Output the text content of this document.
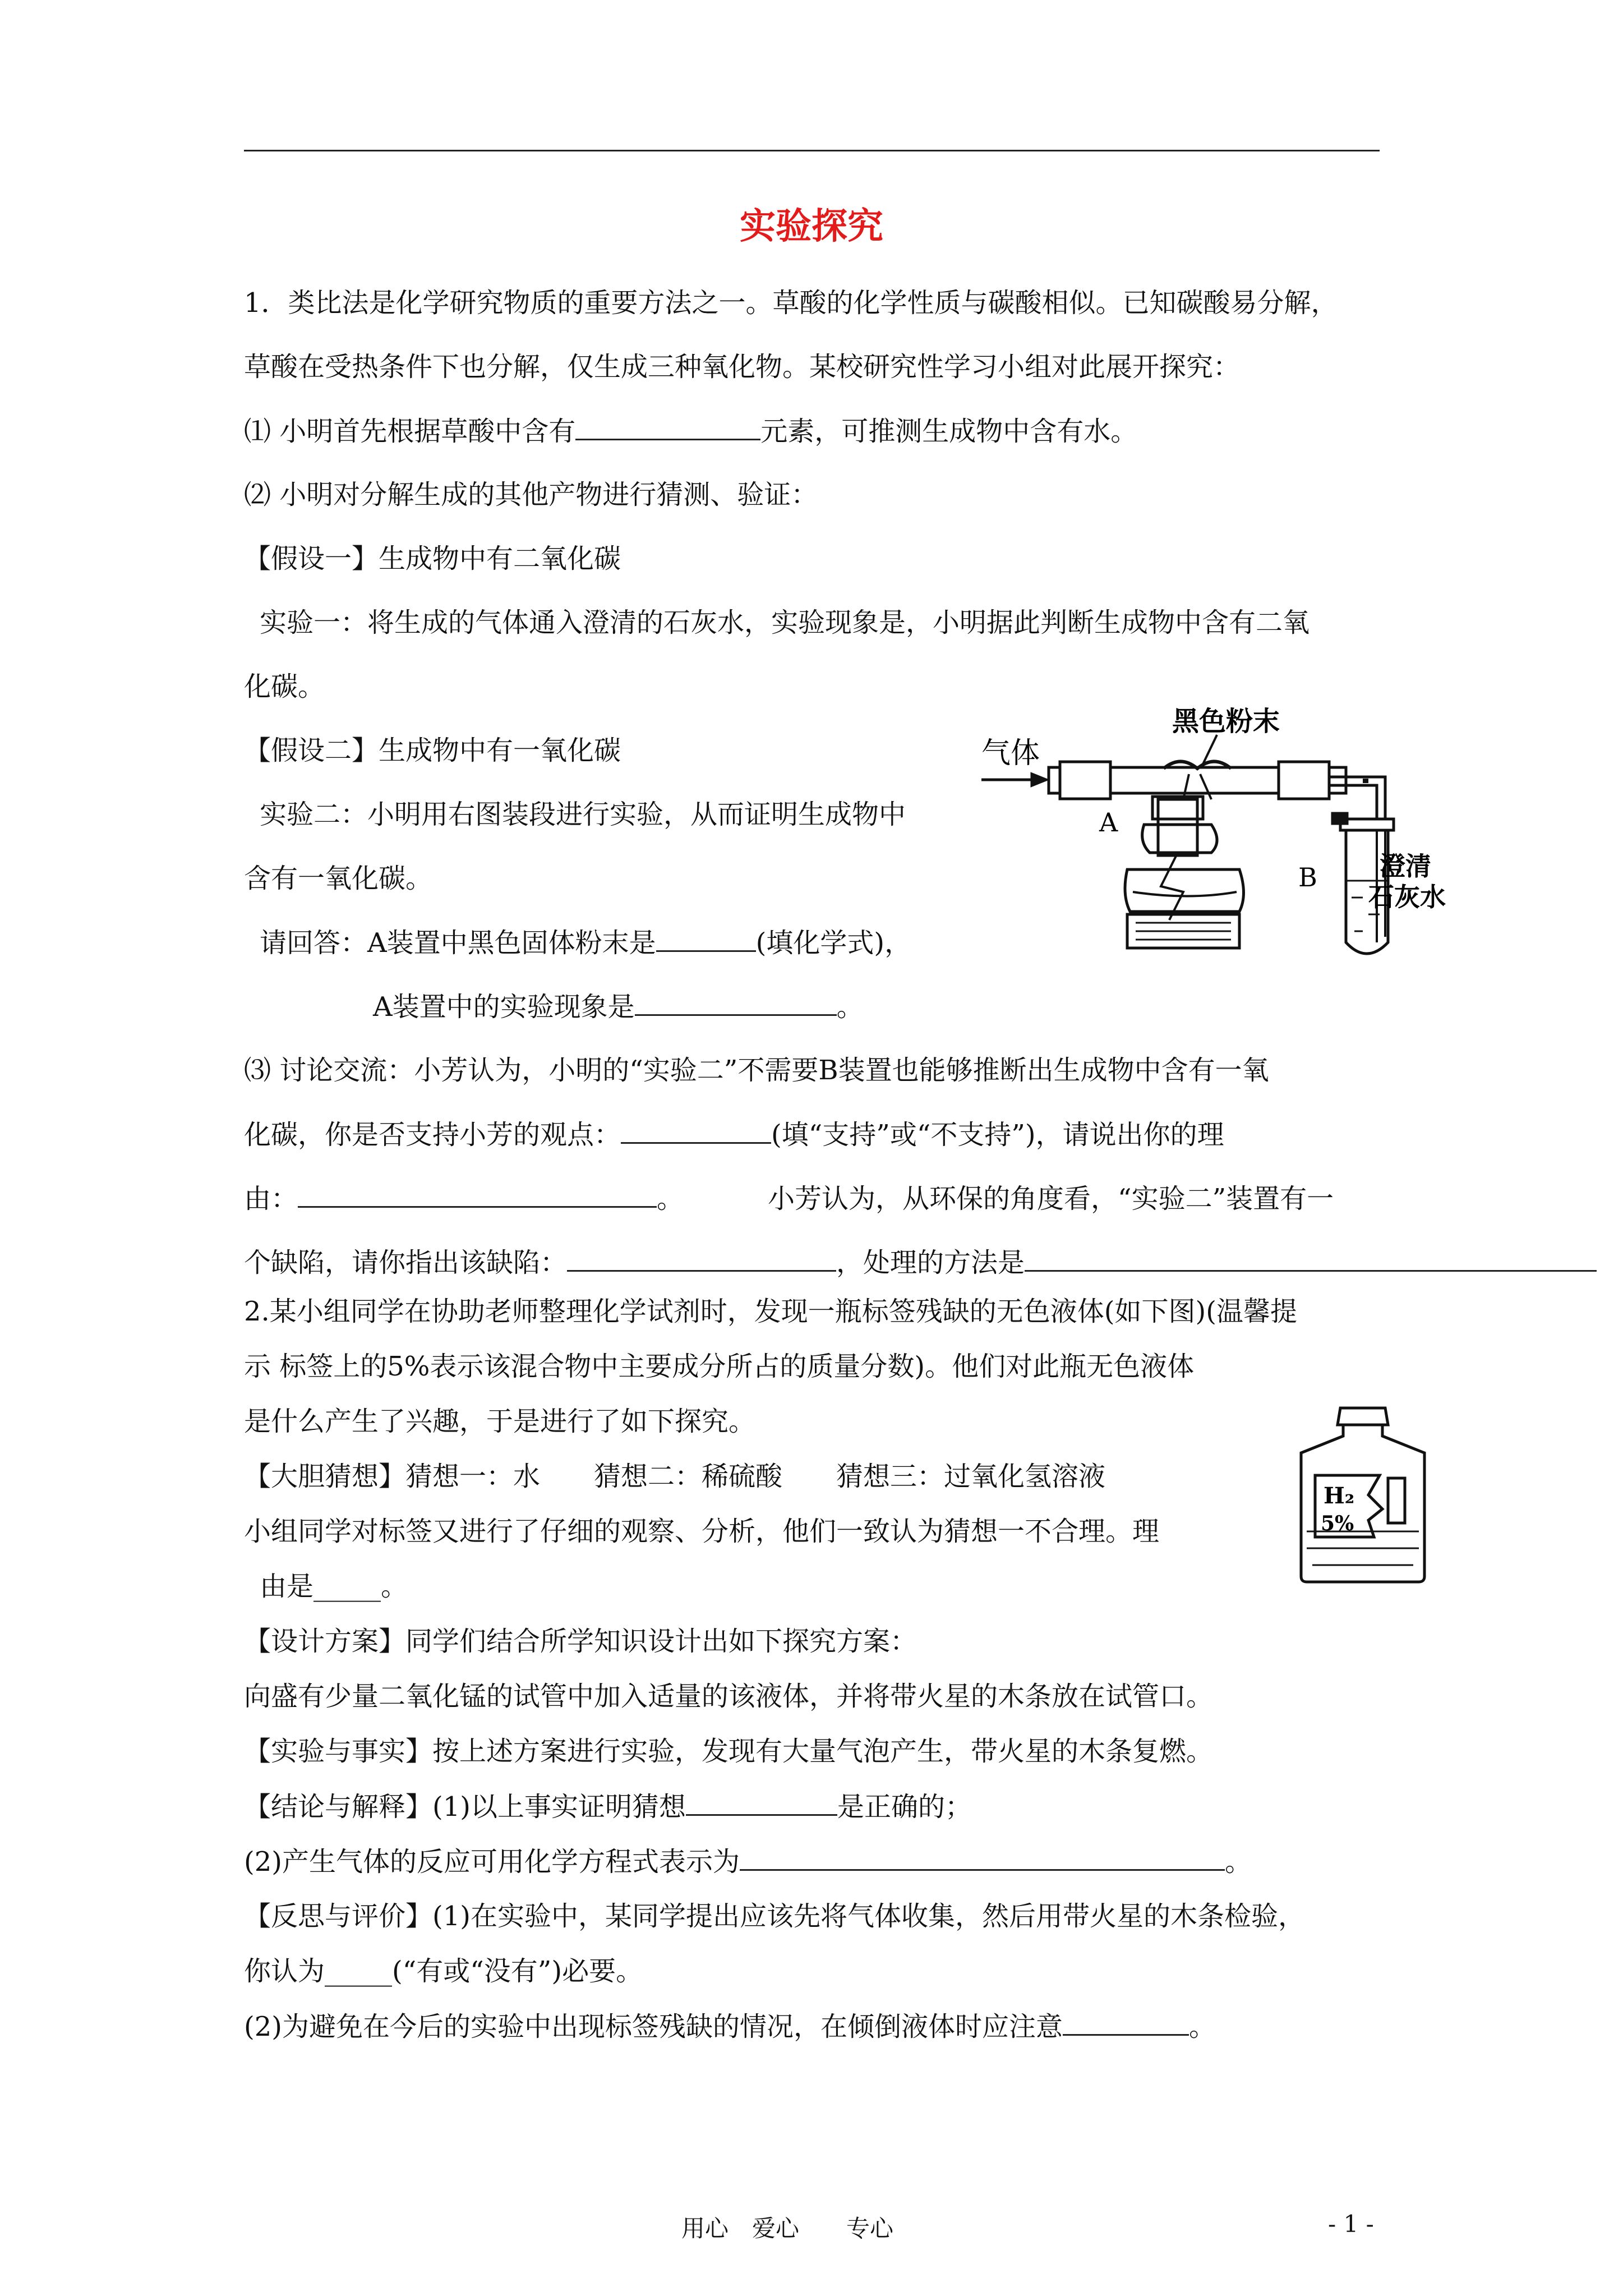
实验探究
1．类比法是化学研究物质的重要方法之一。草酸的化学性质与碳酸相似。已知碳酸易分解，
草酸在受热条件下也分解，仅生成三种氧化物。某校研究性学习小组对此展开探究：
⑴ 小明首先根据草酸中含有	元素，可推测生成物中含有水。
⑵ 小明对分解生成的其他产物进行猜测、验证：
【假设一】生成物中有二氧化碳
实验一：将生成的气体通入澄清的石灰水，实验现象是，小明据此判断生成物中含有二氧
化碳。
【假设二】生成物中有一氧化碳
实验二：小明用右图装段进行实验，从而证明生成物中
含有一氧化碳。
请回答：A装置中黑色固体粉末是	(填化学式)，
A装置中的实验现象是	。
⑶ 讨论交流：小芳认为，小明的“实验二”不需要B装置也能够推断出生成物中含有一氧
化碳，你是否支持小芳的观点：	(填“支持”或“不支持”)，请说出你的理
由：	。	小芳认为，从环保的角度看，“实验二”装置有一
个缺陷，请你指出该缺陷：	，处理的方法是
气体
黑色粉末
A
B 澄清
石灰水
2.某小组同学在协助老师整理化学试剂时，发现一瓶标签残缺的无色液体(如下图)(温馨提
示 标签上的5%表示该混合物中主要成分所占的质量分数)。他们对此瓶无色液体
是什么产生了兴趣，于是进行了如下探究。
【大胆猜想】猜想一：水　　猜想二：稀硫酸　　猜想三：过氧化氢溶液
小组同学对标签又进行了仔细的观察、分析，他们一致认为猜想一不合理。理
由是_____。
【设计方案】同学们结合所学知识设计出如下探究方案：
向盛有少量二氧化锰的试管中加入适量的该液体，并将带火星的木条放在试管口。
【实验与事实】按上述方案进行实验，发现有大量气泡产生，带火星的木条复燃。
【结论与解释】(1)以上事实证明猜想	是正确的；
(2)产生气体的反应可用化学方程式表示为	。
【反思与评价】(1)在实验中，某同学提出应该先将气体收集，然后用带火星的木条检验，
你认为_____(“有或“没有”)必要。
(2)为避免在今后的实验中出现标签残缺的情况，在倾倒液体时应注意	。
H₂
5%
用心　爱心　　专心	- 1 -
